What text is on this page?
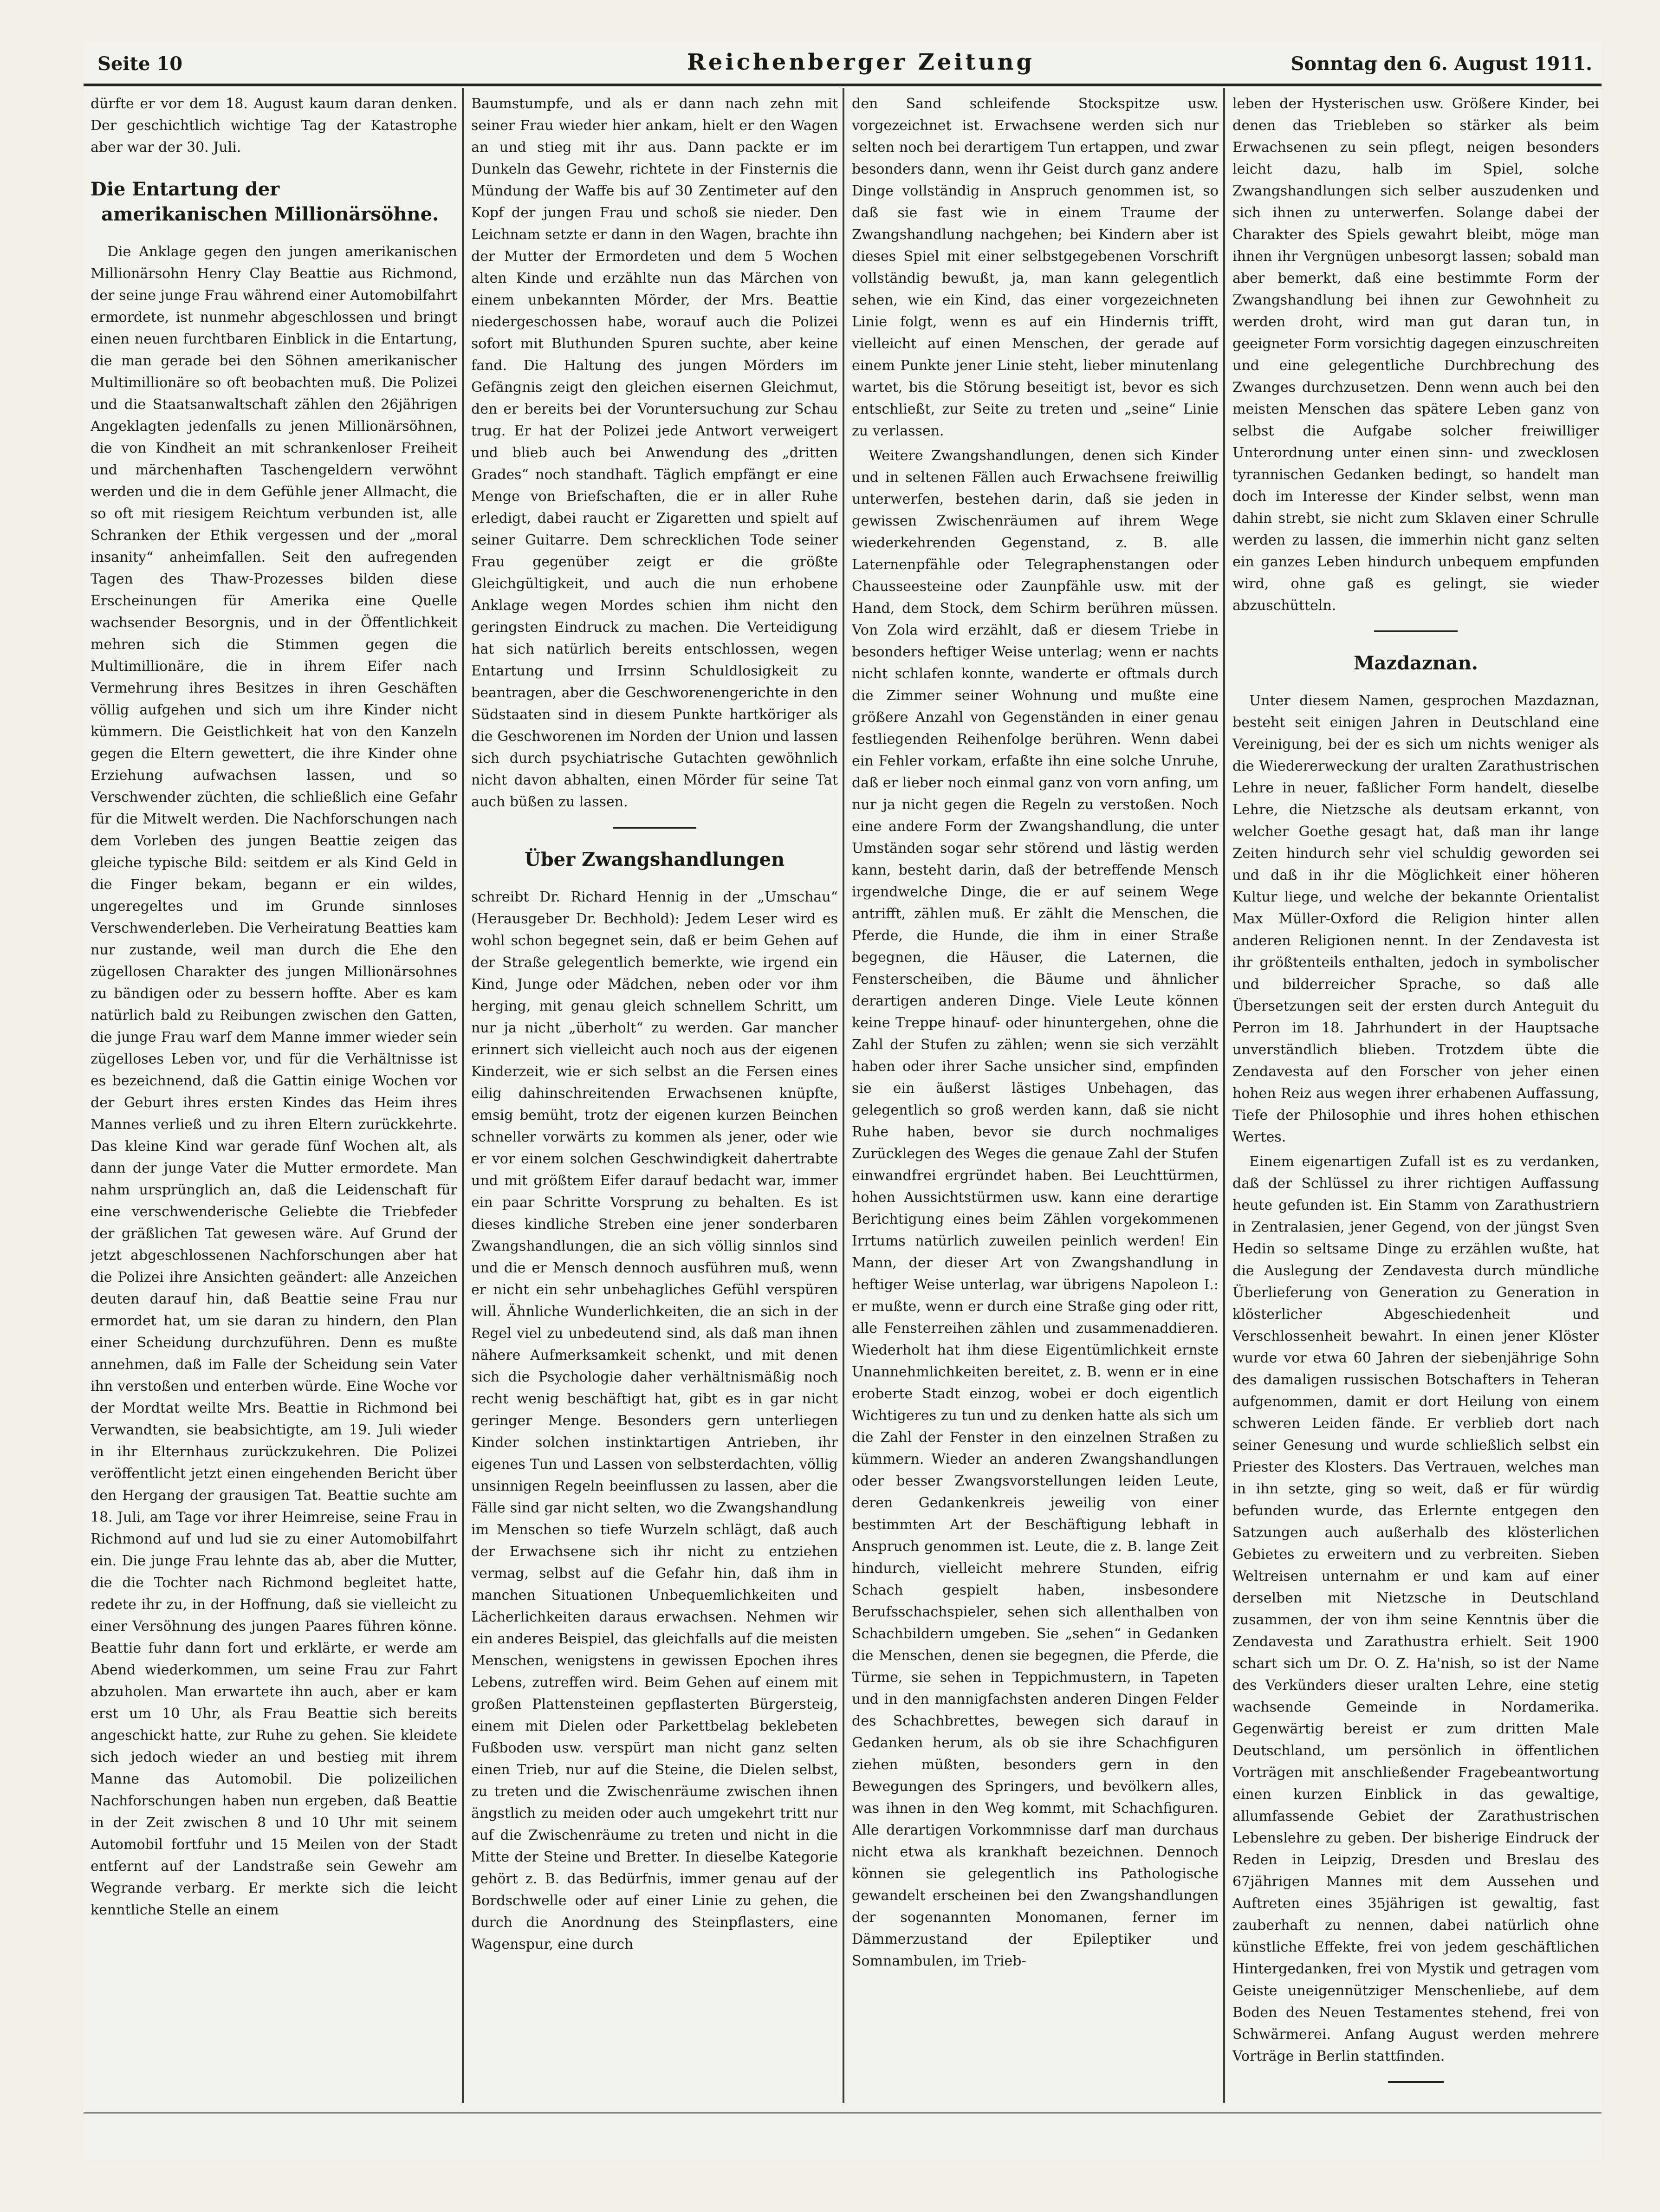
Seite 10	Reichenberger Zeitung	Sonntag den 6. August 1911.

dürfte er vor dem 18. August kaum daran denken. Der geschichtlich wichtige Tag der Katastrophe aber war der 30. Juli.

Die Entartung der
amerikanischen Millionärsöhne.

Die Anklage gegen den jungen amerikanischen Millionärsohn Henry Clay Beattie aus Richmond, der seine junge Frau während einer Automobilfahrt ermordete, ist nunmehr abgeschlossen und bringt einen neuen furchtbaren Einblick in die Entartung, die man gerade bei den Söhnen amerikanischer Multimillionäre so oft beobachten muß. Die Polizei und die Staatsanwaltschaft zählen den 26jährigen Angeklagten jedenfalls zu jenen Millionärsöhnen, die von Kindheit an mit schrankenloser Freiheit und märchenhaften Taschengeldern verwöhnt werden und die in dem Gefühle jener Allmacht, die so oft mit riesigem Reichtum verbunden ist, alle Schranken der Ethik vergessen und der „moral insanity“ anheimfallen. Seit den aufregenden Tagen des Thaw-Prozesses bilden diese Erscheinungen für Amerika eine Quelle wachsender Besorgnis, und in der Öffentlichkeit mehren sich die Stimmen gegen die Multimillionäre, die in ihrem Eifer nach Vermehrung ihres Besitzes in ihren Geschäften völlig aufgehen und sich um ihre Kinder nicht kümmern. Die Geistlichkeit hat von den Kanzeln gegen die Eltern gewettert, die ihre Kinder ohne Erziehung aufwachsen lassen, und so Verschwender züchten, die schließlich eine Gefahr für die Mitwelt werden. Die Nachforschungen nach dem Vorleben des jungen Beattie zeigen das gleiche typische Bild: seitdem er als Kind Geld in die Finger bekam, begann er ein wildes, ungeregeltes und im Grunde sinnloses Verschwenderleben. Die Verheiratung Beatties kam nur zustande, weil man durch die Ehe den zügellosen Charakter des jungen Millionärsohnes zu bändigen oder zu bessern hoffte. Aber es kam natürlich bald zu Reibungen zwischen den Gatten, die junge Frau warf dem Manne immer wieder sein zügelloses Leben vor, und für die Verhältnisse ist es bezeichnend, daß die Gattin einige Wochen vor der Geburt ihres ersten Kindes das Heim ihres Mannes verließ und zu ihren Eltern zurückkehrte. Das kleine Kind war gerade fünf Wochen alt, als dann der junge Vater die Mutter ermordete. Man nahm ursprünglich an, daß die Leidenschaft für eine verschwenderische Geliebte die Triebfeder der gräßlichen Tat gewesen wäre. Auf Grund der jetzt abgeschlossenen Nachforschungen aber hat die Polizei ihre Ansichten geändert: alle Anzeichen deuten darauf hin, daß Beattie seine Frau nur ermordet hat, um sie daran zu hindern, den Plan einer Scheidung durchzuführen. Denn es mußte annehmen, daß im Falle der Scheidung sein Vater ihn verstoßen und enterben würde. Eine Woche vor der Mordtat weilte Mrs. Beattie in Richmond bei Verwandten, sie beabsichtigte, am 19. Juli wieder in ihr Elternhaus zurückzukehren. Die Polizei veröffentlicht jetzt einen eingehenden Bericht über den Hergang der grausigen Tat. Beattie suchte am 18. Juli, am Tage vor ihrer Heimreise, seine Frau in Richmond auf und lud sie zu einer Automobilfahrt ein. Die junge Frau lehnte das ab, aber die Mutter, die die Tochter nach Richmond begleitet hatte, redete ihr zu, in der Hoffnung, daß sie vielleicht zu einer Versöhnung des jungen Paares führen könne. Beattie fuhr dann fort und erklärte, er werde am Abend wiederkommen, um seine Frau zur Fahrt abzuholen. Man erwartete ihn auch, aber er kam erst um 10 Uhr, als Frau Beattie sich bereits angeschickt hatte, zur Ruhe zu gehen. Sie kleidete sich jedoch wieder an und bestieg mit ihrem Manne das Automobil. Die polizeilichen Nachforschungen haben nun ergeben, daß Beattie in der Zeit zwischen 8 und 10 Uhr mit seinem Automobil fortfuhr und 15 Meilen von der Stadt entfernt auf der Landstraße sein Gewehr am Wegrande verbarg. Er merkte sich die leicht kenntliche Stelle an einem

Baumstumpfe, und als er dann nach zehn mit seiner Frau wieder hier ankam, hielt er den Wagen an und stieg mit ihr aus. Dann packte er im Dunkeln das Gewehr, richtete in der Finsternis die Mündung der Waffe bis auf 30 Zentimeter auf den Kopf der jungen Frau und schoß sie nieder. Den Leichnam setzte er dann in den Wagen, brachte ihn der Mutter der Ermordeten und dem 5 Wochen alten Kinde und erzählte nun das Märchen von einem unbekannten Mörder, der Mrs. Beattie niedergeschossen habe, worauf auch die Polizei sofort mit Bluthunden Spuren suchte, aber keine fand. Die Haltung des jungen Mörders im Gefängnis zeigt den gleichen eisernen Gleichmut, den er bereits bei der Voruntersuchung zur Schau trug. Er hat der Polizei jede Antwort verweigert und blieb auch bei Anwendung des „dritten Grades“ noch standhaft. Täglich empfängt er eine Menge von Briefschaften, die er in aller Ruhe erledigt, dabei raucht er Zigaretten und spielt auf seiner Guitarre. Dem schrecklichen Tode seiner Frau gegenüber zeigt er die größte Gleichgültigkeit, und auch die nun erhobene Anklage wegen Mordes schien ihm nicht den geringsten Eindruck zu machen. Die Verteidigung hat sich natürlich bereits entschlossen, wegen Entartung und Irrsinn Schuldlosigkeit zu beantragen, aber die Geschworenengerichte in den Südstaaten sind in diesem Punkte hartköriger als die Geschworenen im Norden der Union und lassen sich durch psychiatrische Gutachten gewöhnlich nicht davon abhalten, einen Mörder für seine Tat auch büßen zu lassen.

Über Zwangshandlungen

schreibt Dr. Richard Hennig in der „Umschau“ (Herausgeber Dr. Bechhold): Jedem Leser wird es wohl schon begegnet sein, daß er beim Gehen auf der Straße gelegentlich bemerkte, wie irgend ein Kind, Junge oder Mädchen, neben oder vor ihm herging, mit genau gleich schnellem Schritt, um nur ja nicht „überholt“ zu werden. Gar mancher erinnert sich vielleicht auch noch aus der eigenen Kinderzeit, wie er sich selbst an die Fersen eines eilig dahinschreitenden Erwachsenen knüpfte, emsig bemüht, trotz der eigenen kurzen Beinchen schneller vorwärts zu kommen als jener, oder wie er vor einem solchen Geschwindigkeit dahertrabte und mit größtem Eifer darauf bedacht war, immer ein paar Schritte Vorsprung zu behalten. Es ist dieses kindliche Streben eine jener sonderbaren Zwangshandlungen, die an sich völlig sinnlos sind und die er Mensch dennoch ausführen muß, wenn er nicht ein sehr unbehagliches Gefühl verspüren will. Ähnliche Wunderlichkeiten, die an sich in der Regel viel zu unbedeutend sind, als daß man ihnen nähere Aufmerksamkeit schenkt, und mit denen sich die Psychologie daher verhältnismäßig noch recht wenig beschäftigt hat, gibt es in gar nicht geringer Menge. Besonders gern unterliegen Kinder solchen instinktartigen Antrieben, ihr eigenes Tun und Lassen von selbsterdachten, völlig unsinnigen Regeln beeinflussen zu lassen, aber die Fälle sind gar nicht selten, wo die Zwangshandlung im Menschen so tiefe Wurzeln schlägt, daß auch der Erwachsene sich ihr nicht zu entziehen vermag, selbst auf die Gefahr hin, daß ihm in manchen Situationen Unbequemlichkeiten und Lächerlichkeiten daraus erwachsen. Nehmen wir ein anderes Beispiel, das gleichfalls auf die meisten Menschen, wenigstens in gewissen Epochen ihres Lebens, zutreffen wird. Beim Gehen auf einem mit großen Plattensteinen gepflasterten Bürgersteig, einem mit Dielen oder Parkettbelag beklebeten Fußboden usw. verspürt man nicht ganz selten einen Trieb, nur auf die Steine, die Dielen selbst, zu treten und die Zwischenräume zwischen ihnen ängstlich zu meiden oder auch umgekehrt tritt nur auf die Zwischenräume zu treten und nicht in die Mitte der Steine und Bretter. In dieselbe Kategorie gehört z. B. das Bedürfnis, immer genau auf der Bordschwelle oder auf einer Linie zu gehen, die durch die Anordnung des Steinpflasters, eine Wagenspur, eine durch

den Sand schleifende Stockspitze usw. vorgezeichnet ist. Erwachsene werden sich nur selten noch bei derartigem Tun ertappen, und zwar besonders dann, wenn ihr Geist durch ganz andere Dinge vollständig in Anspruch genommen ist, so daß sie fast wie in einem Traume der Zwangshandlung nachgehen; bei Kindern aber ist dieses Spiel mit einer selbstgegebenen Vorschrift vollständig bewußt, ja, man kann gelegentlich sehen, wie ein Kind, das einer vorgezeichneten Linie folgt, wenn es auf ein Hindernis trifft, vielleicht auf einen Menschen, der gerade auf einem Punkte jener Linie steht, lieber minutenlang wartet, bis die Störung beseitigt ist, bevor es sich entschließt, zur Seite zu treten und „seine“ Linie zu verlassen.

Weitere Zwangshandlungen, denen sich Kinder und in seltenen Fällen auch Erwachsene freiwillig unterwerfen, bestehen darin, daß sie jeden in gewissen Zwischenräumen auf ihrem Wege wiederkehrenden Gegenstand, z. B. alle Laternenpfähle oder Telegraphenstangen oder Chausseesteine oder Zaunpfähle usw. mit der Hand, dem Stock, dem Schirm berühren müssen. Von Zola wird erzählt, daß er diesem Triebe in besonders heftiger Weise unterlag; wenn er nachts nicht schlafen konnte, wanderte er oftmals durch die Zimmer seiner Wohnung und mußte eine größere Anzahl von Gegenständen in einer genau festliegenden Reihenfolge berühren. Wenn dabei ein Fehler vorkam, erfaßte ihn eine solche Unruhe, daß er lieber noch einmal ganz von vorn anfing, um nur ja nicht gegen die Regeln zu verstoßen. Noch eine andere Form der Zwangshandlung, die unter Umständen sogar sehr störend und lästig werden kann, besteht darin, daß der betreffende Mensch irgendwelche Dinge, die er auf seinem Wege antrifft, zählen muß. Er zählt die Menschen, die Pferde, die Hunde, die ihm in einer Straße begegnen, die Häuser, die Laternen, die Fensterscheiben, die Bäume und ähnlicher derartigen anderen Dinge. Viele Leute können keine Treppe hinauf- oder hinuntergehen, ohne die Zahl der Stufen zu zählen; wenn sie sich verzählt haben oder ihrer Sache unsicher sind, empfinden sie ein äußerst lästiges Unbehagen, das gelegentlich so groß werden kann, daß sie nicht Ruhe haben, bevor sie durch nochmaliges Zurücklegen des Weges die genaue Zahl der Stufen einwandfrei ergründet haben. Bei Leuchttürmen, hohen Aussichtstürmen usw. kann eine derartige Berichtigung eines beim Zählen vorgekommenen Irrtums natürlich zuweilen peinlich werden! Ein Mann, der dieser Art von Zwangshandlung in heftiger Weise unterlag, war übrigens Napoleon I.: er mußte, wenn er durch eine Straße ging oder ritt, alle Fensterreihen zählen und zusammenaddieren. Wiederholt hat ihm diese Eigentümlichkeit ernste Unannehmlichkeiten bereitet, z. B. wenn er in eine eroberte Stadt einzog, wobei er doch eigentlich Wichtigeres zu tun und zu denken hatte als sich um die Zahl der Fenster in den einzelnen Straßen zu kümmern. Wieder an anderen Zwangshandlungen oder besser Zwangsvorstellungen leiden Leute, deren Gedankenkreis jeweilig von einer bestimmten Art der Beschäftigung lebhaft in Anspruch genommen ist. Leute, die z. B. lange Zeit hindurch, vielleicht mehrere Stunden, eifrig Schach gespielt haben, insbesondere Berufsschachspieler, sehen sich allenthalben von Schachbildern umgeben. Sie „sehen“ in Gedanken die Menschen, denen sie begegnen, die Pferde, die Türme, sie sehen in Teppichmustern, in Tapeten und in den mannigfachsten anderen Dingen Felder des Schachbrettes, bewegen sich darauf in Gedanken herum, als ob sie ihre Schachfiguren ziehen müßten, besonders gern in den Bewegungen des Springers, und bevölkern alles, was ihnen in den Weg kommt, mit Schachfiguren. Alle derartigen Vorkommnisse darf man durchaus nicht etwa als krankhaft bezeichnen. Dennoch können sie gelegentlich ins Pathologische gewandelt erscheinen bei den Zwangshandlungen der sogenannten Monomanen, ferner im Dämmerzustand der Epileptiker und Somnambulen, im Trieb-

leben der Hysterischen usw. Größere Kinder, bei denen das Triebleben so stärker als beim Erwachsenen zu sein pflegt, neigen besonders leicht dazu, halb im Spiel, solche Zwangshandlungen sich selber auszudenken und sich ihnen zu unterwerfen. Solange dabei der Charakter des Spiels gewahrt bleibt, möge man ihnen ihr Vergnügen unbesorgt lassen; sobald man aber bemerkt, daß eine bestimmte Form der Zwangshandlung bei ihnen zur Gewohnheit zu werden droht, wird man gut daran tun, in geeigneter Form vorsichtig dagegen einzuschreiten und eine gelegentliche Durchbrechung des Zwanges durchzusetzen. Denn wenn auch bei den meisten Menschen das spätere Leben ganz von selbst die Aufgabe solcher freiwilliger Unterordnung unter einen sinn- und zwecklosen tyrannischen Gedanken bedingt, so handelt man doch im Interesse der Kinder selbst, wenn man dahin strebt, sie nicht zum Sklaven einer Schrulle werden zu lassen, die immerhin nicht ganz selten ein ganzes Leben hindurch unbequem empfunden wird, ohne gaß es gelingt, sie wieder abzuschütteln.

Mazdaznan.

Unter diesem Namen, gesprochen Mazdaznan, besteht seit einigen Jahren in Deutschland eine Vereinigung, bei der es sich um nichts weniger als die Wiedererweckung der uralten Zarathustrischen Lehre in neuer, faßlicher Form handelt, dieselbe Lehre, die Nietzsche als deutsam erkannt, von welcher Goethe gesagt hat, daß man ihr lange Zeiten hindurch sehr viel schuldig geworden sei und daß in ihr die Möglichkeit einer höheren Kultur liege, und welche der bekannte Orientalist Max Müller-Oxford die Religion hinter allen anderen Religionen nennt. In der Zendavesta ist ihr größtenteils enthalten, jedoch in symbolischer und bilderreicher Sprache, so daß alle Übersetzungen seit der ersten durch Anteguit du Perron im 18. Jahrhundert in der Hauptsache unverständlich blieben. Trotzdem übte die Zendavesta auf den Forscher von jeher einen hohen Reiz aus wegen ihrer erhabenen Auffassung, Tiefe der Philosophie und ihres hohen ethischen Wertes.

Einem eigenartigen Zufall ist es zu verdanken, daß der Schlüssel zu ihrer richtigen Auffassung heute gefunden ist. Ein Stamm von Zarathustriern in Zentralasien, jener Gegend, von der jüngst Sven Hedin so seltsame Dinge zu erzählen wußte, hat die Auslegung der Zendavesta durch mündliche Überlieferung von Generation zu Generation in klösterlicher Abgeschiedenheit und Verschlossenheit bewahrt. In einen jener Klöster wurde vor etwa 60 Jahren der siebenjährige Sohn des damaligen russischen Botschafters in Teheran aufgenommen, damit er dort Heilung von einem schweren Leiden fände. Er verblieb dort nach seiner Genesung und wurde schließlich selbst ein Priester des Klosters. Das Vertrauen, welches man in ihn setzte, ging so weit, daß er für würdig befunden wurde, das Erlernte entgegen den Satzungen auch außerhalb des klösterlichen Gebietes zu erweitern und zu verbreiten. Sieben Weltreisen unternahm er und kam auf einer derselben mit Nietzsche in Deutschland zusammen, der von ihm seine Kenntnis über die Zendavesta und Zarathustra erhielt. Seit 1900 schart sich um Dr. O. Z. Ha'nish, so ist der Name des Verkünders dieser uralten Lehre, eine stetig wachsende Gemeinde in Nordamerika. Gegenwärtig bereist er zum dritten Male Deutschland, um persönlich in öffentlichen Vorträgen mit anschließender Fragebeantwortung einen kurzen Einblick in das gewaltige, allumfassende Gebiet der Zarathustrischen Lebenslehre zu geben. Der bisherige Eindruck der Reden in Leipzig, Dresden und Breslau des 67jährigen Mannes mit dem Aussehen und Auftreten eines 35jährigen ist gewaltig, fast zauberhaft zu nennen, dabei natürlich ohne künstliche Effekte, frei von jedem geschäftlichen Hintergedanken, frei von Mystik und getragen vom Geiste uneigennütziger Menschenliebe, auf dem Boden des Neuen Testamentes stehend, frei von Schwärmerei. Anfang August werden mehrere Vorträge in Berlin stattfinden.
